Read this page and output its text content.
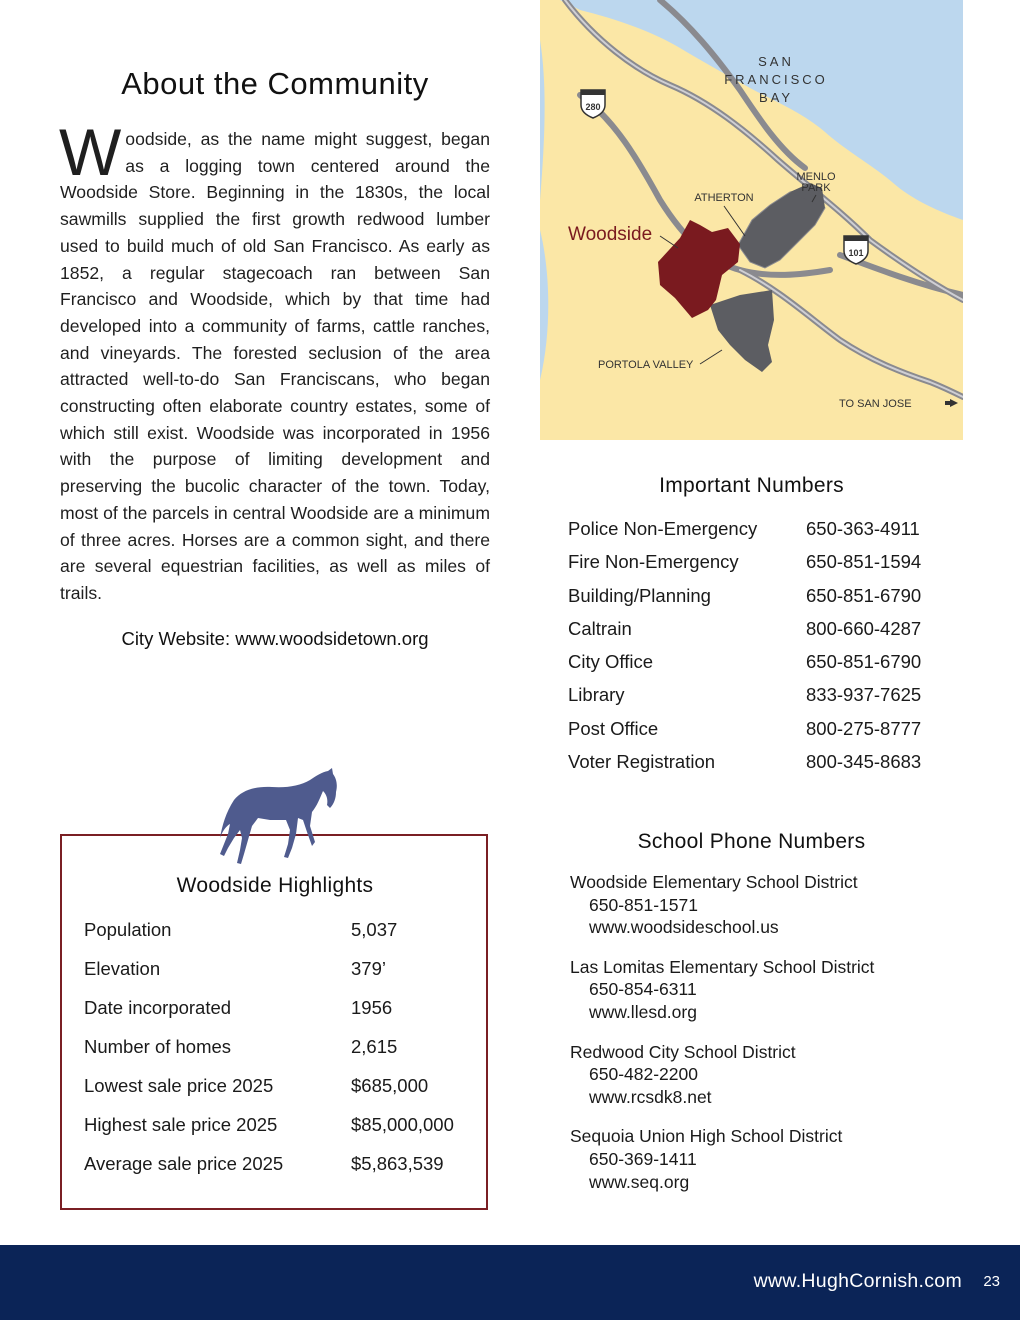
About the Community

Woodside, as the name might suggest, began as a logging town centered around the Woodside Store. Beginning in the 1830s, the local sawmills supplied the first growth redwood lumber used to build much of old San Francisco. As early as 1852, a regular stagecoach ran between San Francisco and Woodside, which by that time had developed into a community of farms, cattle ranches, and vineyards. The forested seclusion of the area attracted well-to-do San Franciscans, who began constructing often elaborate country estates, some of which still exist. Woodside was incorporated in 1956 with the purpose of limiting development and preserving the bucolic character of the town. Today, most of the parcels in central Woodside are a minimum of three acres. Horses are a common sight, and there are several equestrian facilities, as well as miles of trails.

City Website: www.woodsidetown.org
280
101
SAN
FRANCISCO
BAY
MENLO
PARK
ATHERTON
Woodside
PORTOLA VALLEY
TO SAN JOSE
Important Numbers
Police Non-Emergency	650-363-4911
Fire Non-Emergency	650-851-1594
Building/Planning	650-851-6790
Caltrain	800-660-4287
City Office	650-851-6790
Library	833-937-7625
Post Office	800-275-8777
Voter Registration	800-345-8683
School Phone Numbers
Woodside Elementary School District
650-851-1571
www.woodsideschool.us
Las Lomitas Elementary School District
650-854-6311
www.llesd.org
Redwood City School District
650-482-2200
www.rcsdk8.net
Sequoia Union High School District
650-369-1411
www.seq.org
Woodside Highlights
Population	5,037
Elevation	379’
Date incorporated	1956
Number of homes	2,615
Lowest sale price 2025	$685,000
Highest sale price 2025	$85,000,000
Average sale price 2025	$5,863,539
www.HughCornish.com 23
